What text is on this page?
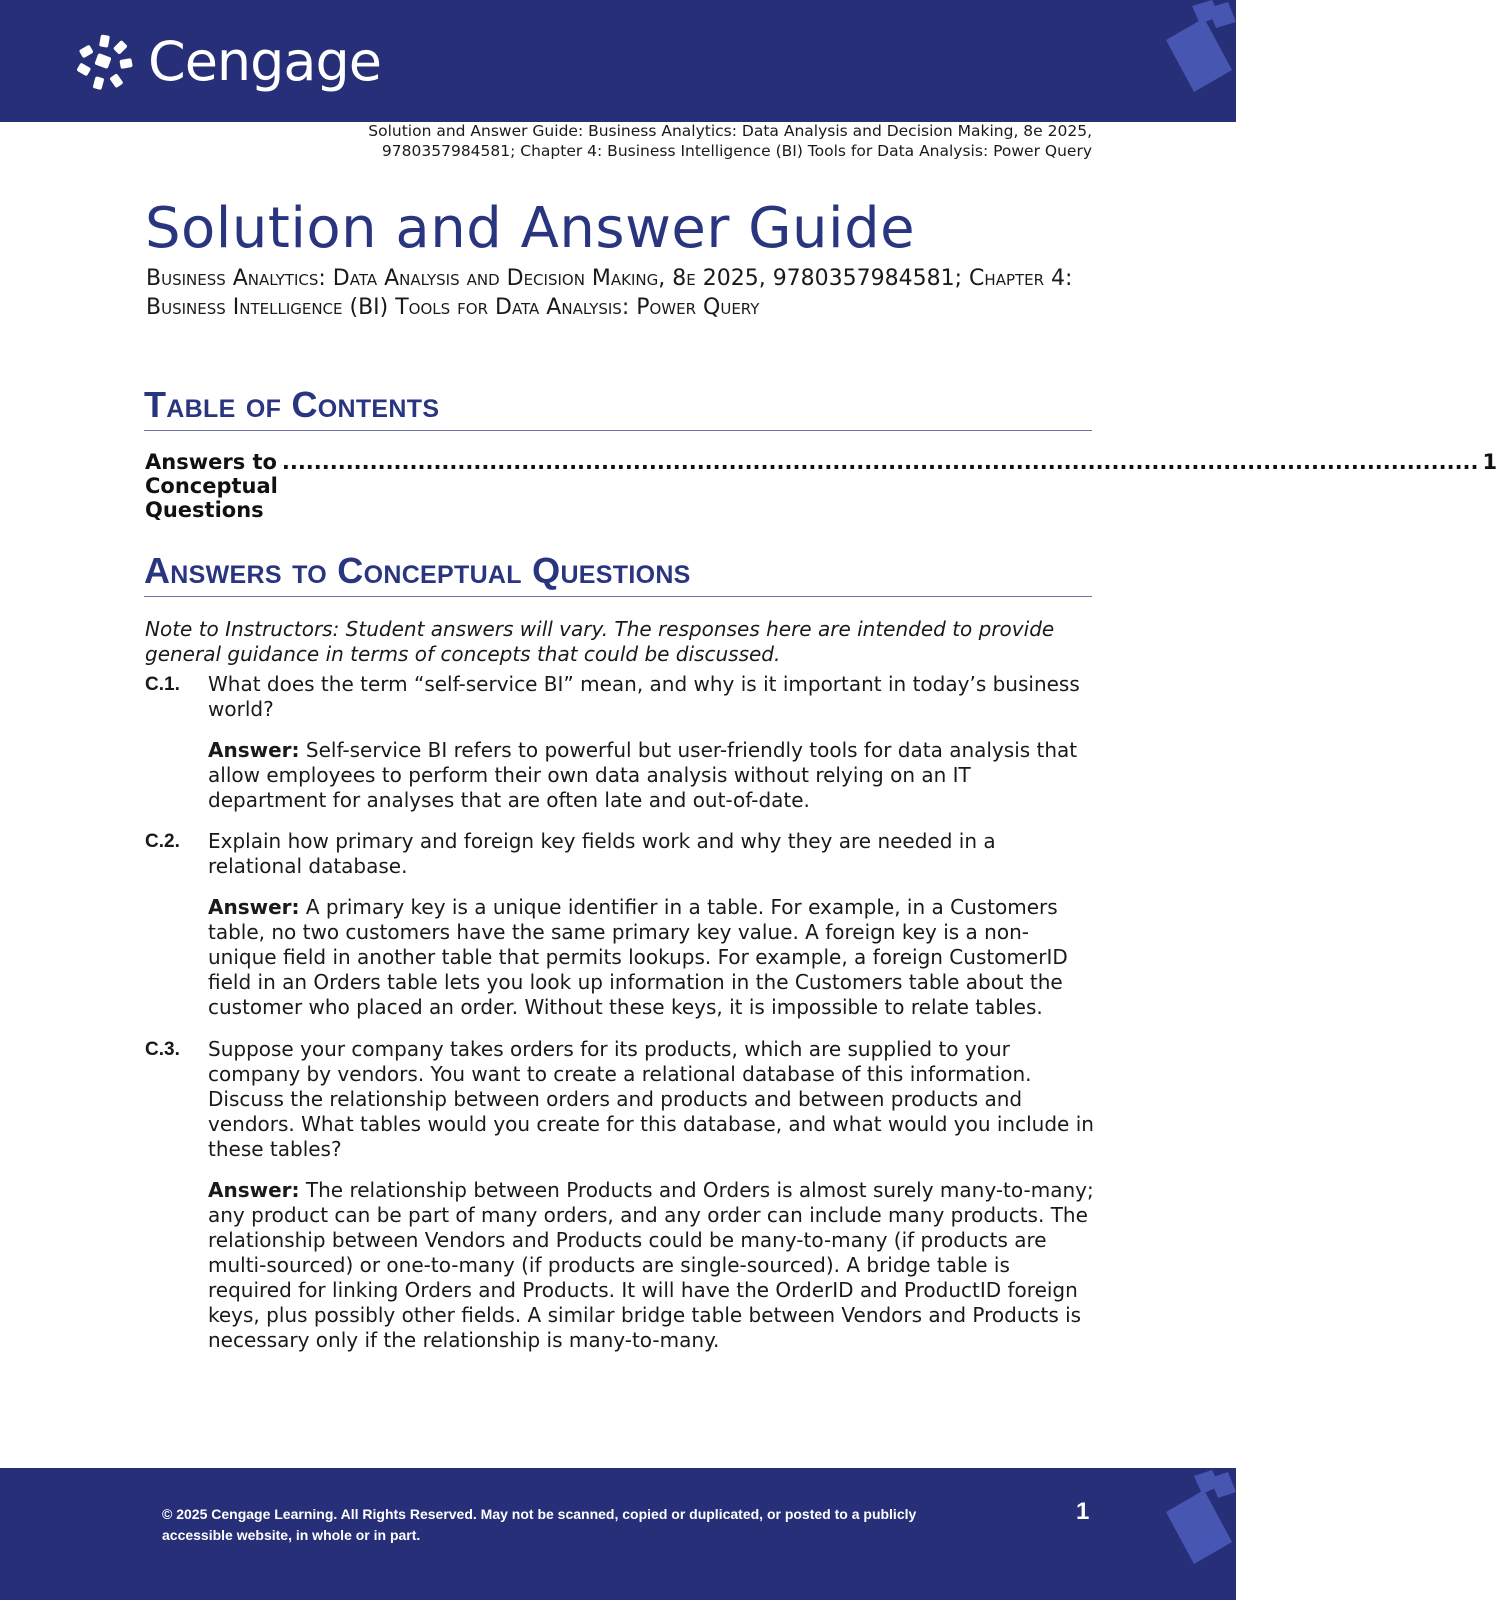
Cengage
Solution and Answer Guide: Business Analytics: Data Analysis and Decision Making, 8e 2025,
9780357984581; Chapter 4: Business Intelligence (BI) Tools for Data Analysis: Power Query
Solution and Answer Guide

Business Analytics: Data Analysis and Decision Making, 8e 2025, 9780357984581; Chapter 4: Business Intelligence (BI) Tools for Data Analysis: Power Query

Table of Contents
Answers to Conceptual Questions
...................................................................................................................................................... 1
Answers to Conceptual Questions

Note to Instructors: Student answers will vary. The responses here are intended to provide general guidance in terms of concepts that could be discussed.

C.1. What does the term “self-service BI” mean, and why is it important in today’s business world?

Answer: Self-service BI refers to powerful but user-friendly tools for data analysis that allow employees to perform their own data analysis without relying on an IT department for analyses that are often late and out-of-date.

C.2. Explain how primary and foreign key fields work and why they are needed in a relational database.

Answer: A primary key is a unique identifier in a table. For example, in a Customers table, no two customers have the same primary key value. A foreign key is a non-unique field in another table that permits lookups. For example, a foreign CustomerID field in an Orders table lets you look up information in the Customers table about the customer who placed an order. Without these keys, it is impossible to relate tables.

C.3. Suppose your company takes orders for its products, which are supplied to your company by vendors. You want to create a relational database of this information. Discuss the relationship between orders and products and between products and vendors. What tables would you create for this database, and what would you include in these tables?

Answer: The relationship between Products and Orders is almost surely many-to-many; any product can be part of many orders, and any order can include many products. The relationship between Vendors and Products could be many-to-many (if products are multi-sourced) or one-to-many (if products are single-sourced). A bridge table is required for linking Orders and Products. It will have the OrderID and ProductID foreign keys, plus possibly other fields. A similar bridge table between Vendors and Products is necessary only if the relationship is many-to-many.

© 2025 Cengage Learning. All Rights Reserved. May not be scanned, copied or duplicated, or posted to a publicly accessible website, in whole or in part.
1
